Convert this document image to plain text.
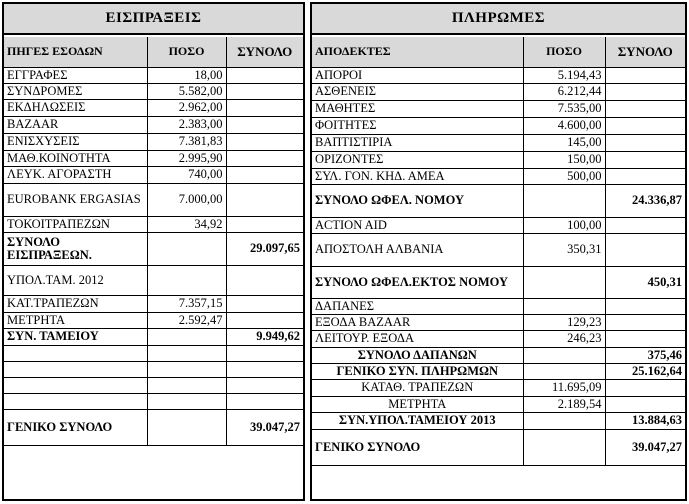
ΕΙΣΠΡΑΞΕΙΣ
ΠΗΓΕΣ ΕΣΟΔΩΝ	ΠΟΣΟ	ΣΥΝΟΛΟ
ΕΓΓΡΑΦΕΣ	18,00	
ΣΥΝΔΡΟΜΕΣ	5.582,00	
ΕΚΔΗΛΩΣΕΙΣ	2.962,00	
BAZAAR	2.383,00	
ΕΝΙΣΧΥΣΕΙΣ	7.381,83	
ΜΑΘ.ΚΟΙΝΟΤΗΤΑ	2.995,90	
ΛΕΥΚ. ΑΓΟΡΑΣΤΗ	740,00	
EUROBANK ERGASIAS	7.000,00	
ΤΟΚΟΙΤΡΑΠΕΖΩΝ	34,92	
ΣΥΝΟΛΟ ΕΙΣΠΡΑΞΕΩΝ.		29.097,65
ΥΠΟΛ.ΤΑΜ. 2012		
ΚΑΤ.ΤΡΑΠΕΖΩΝ	7.357,15	
ΜΕΤΡΗΤΑ	2.592,47	
ΣΥΝ. ΤΑΜΕΙΟΥ		9.949,62

ΓΕΝΙΚΟ ΣΥΝΟΛΟ		39.047,27
ΠΛΗΡΩΜΕΣ
ΑΠΟΔΕΚΤΕΣ	ΠΟΣΟ	ΣΥΝΟΛΟ
ΑΠΟΡΟΙ	5.194,43	
ΑΣΘΕΝΕΙΣ	6.212,44	
ΜΑΘΗΤΕΣ	7.535,00	
ΦΟΙΤΗΤΕΣ	4.600,00	
ΒΑΠΤΙΣΤΙΡΙΑ	145,00	
ΟΡΙΖΟΝΤΕΣ	150,00	
ΣΥΛ. ΓΟΝ. ΚΗΔ. ΑΜΕΑ	500,00	
ΣΥΝΟΛΟ ΩΦΕΛ. ΝΟΜΟΥ		24.336,87
ACTION AID	100,00	
ΑΠΟΣΤΟΛΗ ΑΛΒΑΝΙΑ	350,31	
ΣΥΝΟΛΟ ΩΦΕΛ.ΕΚΤΟΣ ΝΟΜΟΥ		450,31
ΔΑΠΑΝΕΣ		
ΕΞΟΔΑ BAZAAR	129,23	
ΛΕΙΤΟΥΡ. ΕΞΟΔΑ	246,23	
ΣΥΝΟΛΟ ΔΑΠΑΝΩΝ		375,46
ΓΕΝΙΚΟ ΣΥΝ. ΠΛΗΡΩΜΩΝ		25.162,64
ΚΑΤΑΘ. ΤΡΑΠΕΖΩΝ	11.695,09	
ΜΕΤΡΗΤΑ	2.189,54	
ΣΥΝ.ΥΠΟΛ.ΤΑΜΕΙΟΥ 2013		13.884,63
ΓΕΝΙΚΟ ΣΥΝΟΛΟ		39.047,27
